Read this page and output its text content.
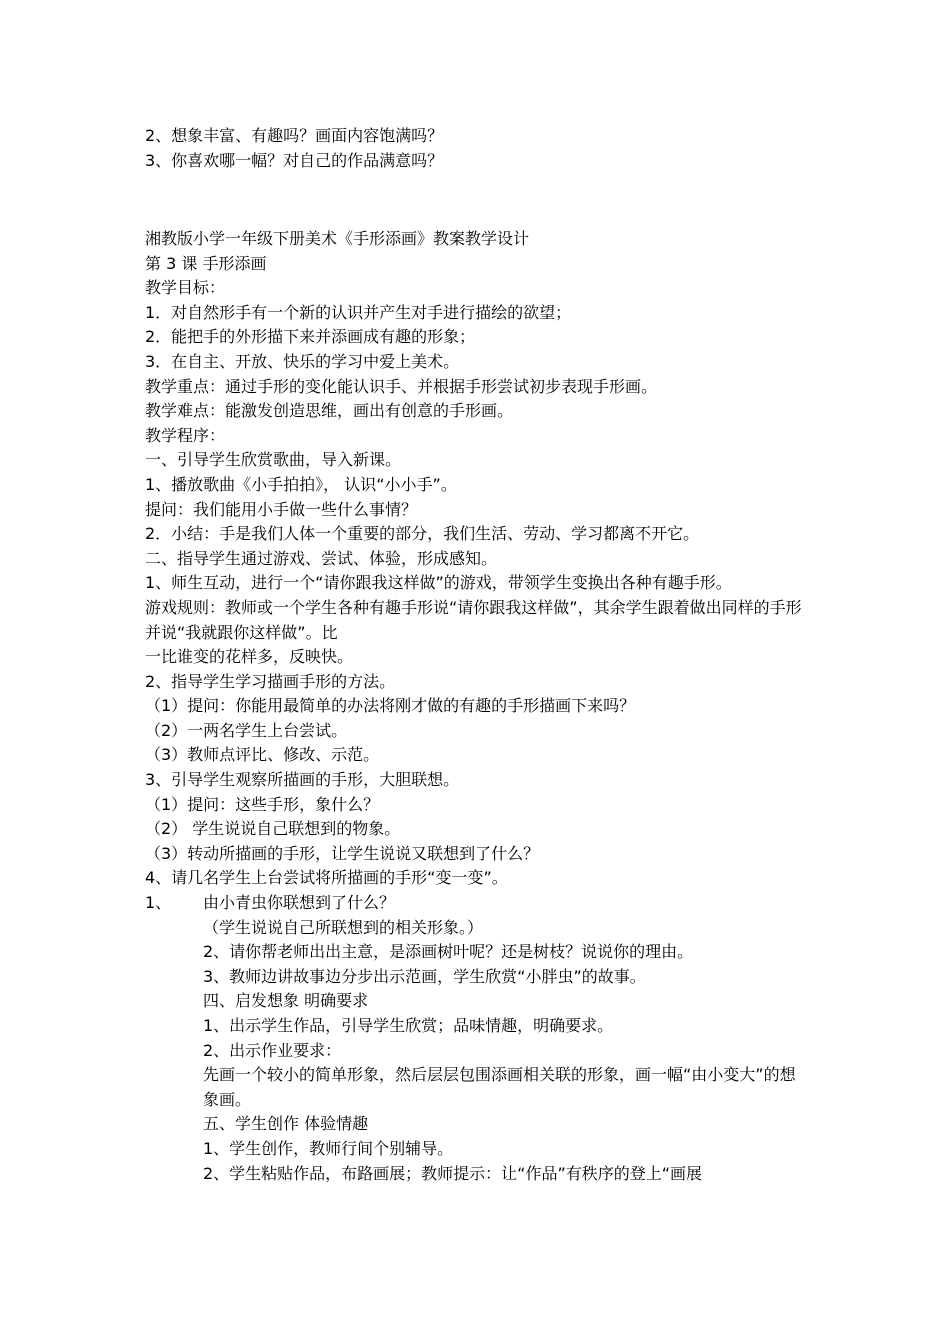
2、想象丰富、有趣吗？画面内容饱满吗？
3、你喜欢哪一幅？对自己的作品满意吗？
湘教版小学一年级下册美术《手形添画》教案教学设计
第 3 课 手形添画
教学目标：
1．对自然形手有一个新的认识并产生对手进行描绘的欲望；
2．能把手的外形描下来并添画成有趣的形象；
3．在自主、开放、快乐的学习中爱上美术。
教学重点：通过手形的变化能认识手、并根据手形尝试初步表现手形画。
教学难点：能激发创造思维，画出有创意的手形画。
教学程序：
一、引导学生欣赏歌曲，导入新课。
1、播放歌曲《小手拍拍》， 认识“小小手”。
提问：我们能用小手做一些什么事情？
2．小结：手是我们人体一个重要的部分，我们生活、劳动、学习都离不开它。
二、指导学生通过游戏、尝试、体验，形成感知。
1、师生互动，进行一个“请你跟我这样做”的游戏，带领学生变换出各种有趣手形。
游戏规则：教师或一个学生各种有趣手形说“请你跟我这样做”，其余学生跟着做出同样的手形并说“我就跟你这样做”。比
一比谁变的花样多，反映快。
2、指导学生学习描画手形的方法。
（1）提问：你能用最简单的办法将刚才做的有趣的手形描画下来吗？
（2）一两名学生上台尝试。
（3）教师点评比、修改、示范。
3、引导学生观察所描画的手形，大胆联想。
（1）提问：这些手形，象什么？
（2） 学生说说自己联想到的物象。
（3）转动所描画的手形，让学生说说又联想到了什么？
4、请几名学生上台尝试将所描画的手形“变一变”。
1、	由小青虫你联想到了什么？
（学生说说自己所联想到的相关形象。）
2、请你帮老师出出主意，是添画树叶呢？还是树枝？说说你的理由。
3、教师边讲故事边分步出示范画，学生欣赏“小胖虫”的故事。
四、启发想象 明确要求
1、出示学生作品，引导学生欣赏；品味情趣，明确要求。
2、出示作业要求：
先画一个较小的简单形象，然后层层包围添画相关联的形象，画一幅“由小变大”的想象画。
五、学生创作 体验情趣
1、学生创作，教师行间个别辅导。
2、学生粘贴作品，布路画展；教师提示：让“作品”有秩序的登上“画展
